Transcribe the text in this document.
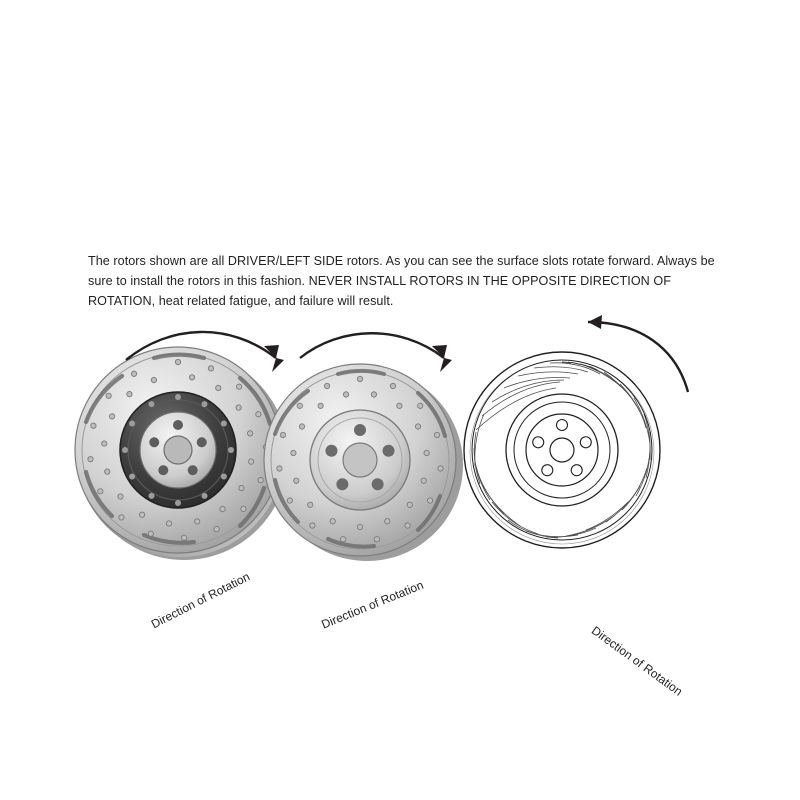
The rotors shown are all DRIVER/LEFT SIDE rotors. As you can see the surface slots rotate forward. Always be sure to install the rotors in this fashion. NEVER INSTALL ROTORS IN THE OPPOSITE DIRECTION OF ROTATION, heat related fatigue, and failure will result.

Direction of Rotation	Direction of Rotation
Direction of Rotation
